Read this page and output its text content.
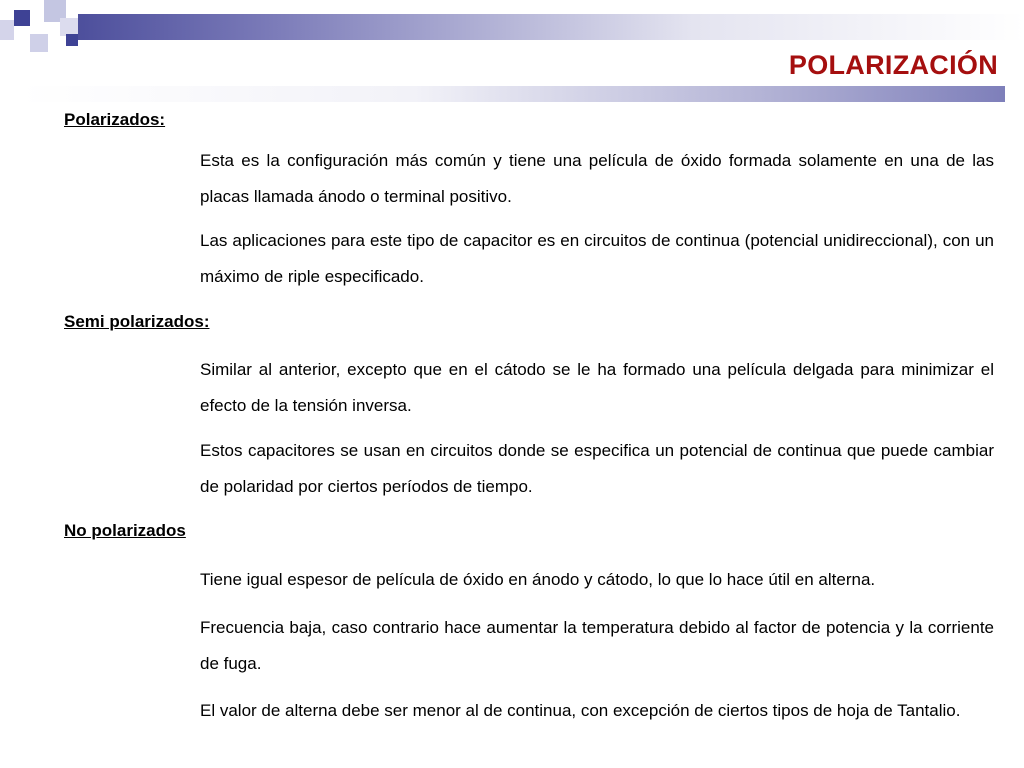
POLARIZACIÓN

Polarizados:

Esta es la configuración más común y tiene una película de óxido formada solamente en una de las placas llamada ánodo o terminal positivo.

Las aplicaciones para este tipo de capacitor es en circuitos de continua (potencial unidireccional), con un máximo de riple especificado.

Semi polarizados:

Similar al anterior, excepto que en el cátodo se le ha formado una película delgada para minimizar el efecto de la tensión inversa.

Estos capacitores se usan en circuitos donde se especifica un potencial de continua que puede cambiar de polaridad por ciertos períodos de tiempo.

No polarizados

Tiene igual espesor de película de óxido en ánodo y cátodo, lo que lo hace útil en alterna.

Frecuencia baja, caso contrario hace aumentar la temperatura debido al factor de potencia y la corriente de fuga.

El valor de alterna debe ser menor al de continua, con excepción de ciertos tipos de hoja de Tantalio.
